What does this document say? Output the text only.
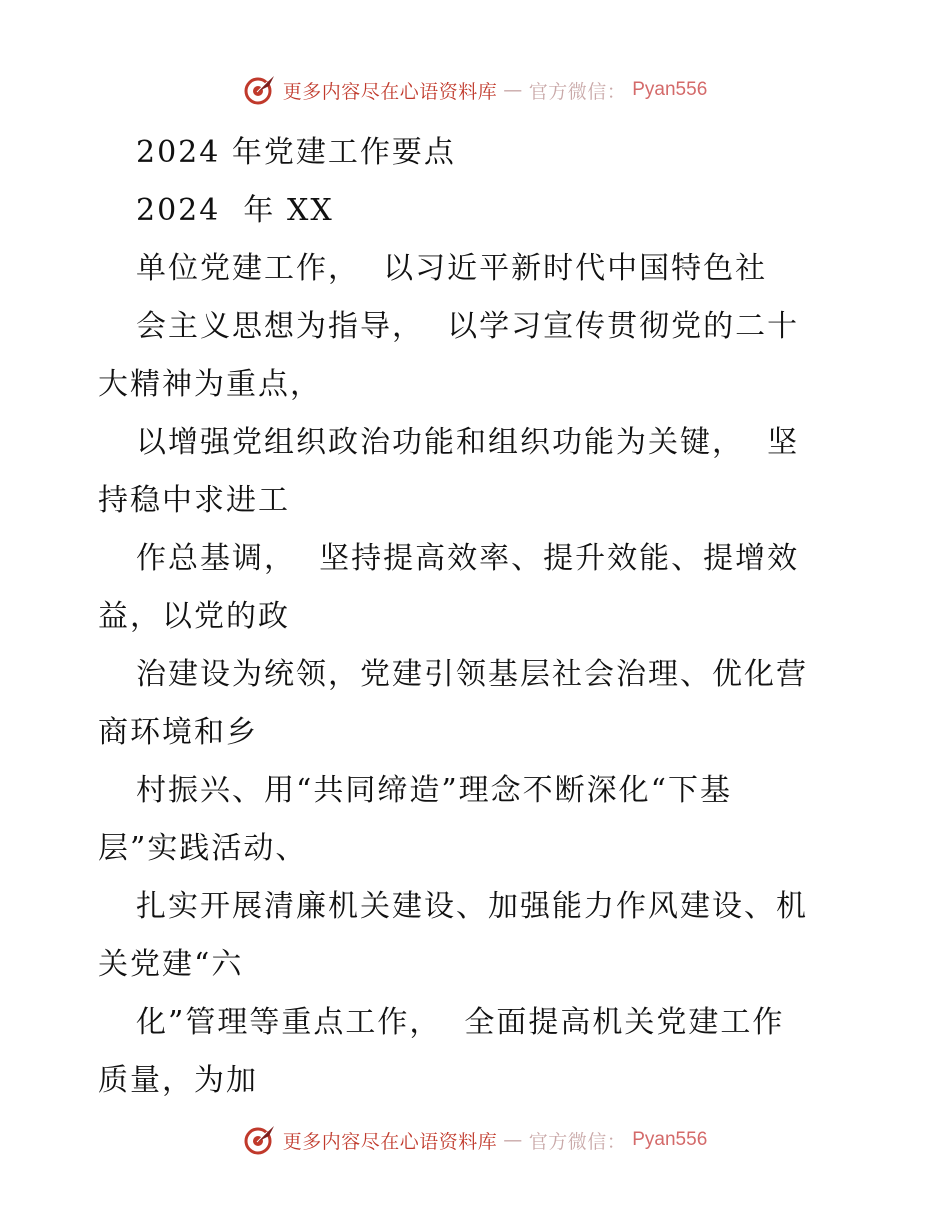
更多内容尽在心语资料库 — 官方微信： Pyan556
2024 年党建工作要点
2024  年 XX
单位党建工作，  以习近平新时代中国特色社
会主义思想为指导，  以学习宣传贯彻党的二十
大精神为重点，
以增强党组织政治功能和组织功能为关键，  坚
持稳中求进工
作总基调，  坚持提高效率、提升效能、提增效
益，以党的政
治建设为统领，党建引领基层社会治理、优化营
商环境和乡
村振兴、用“共同缔造”理念不断深化“下基
层”实践活动、
扎实开展清廉机关建设、加强能力作风建设、机
关党建“六
化”管理等重点工作，  全面提高机关党建工作
质量，为加
更多内容尽在心语资料库 — 官方微信： Pyan556
